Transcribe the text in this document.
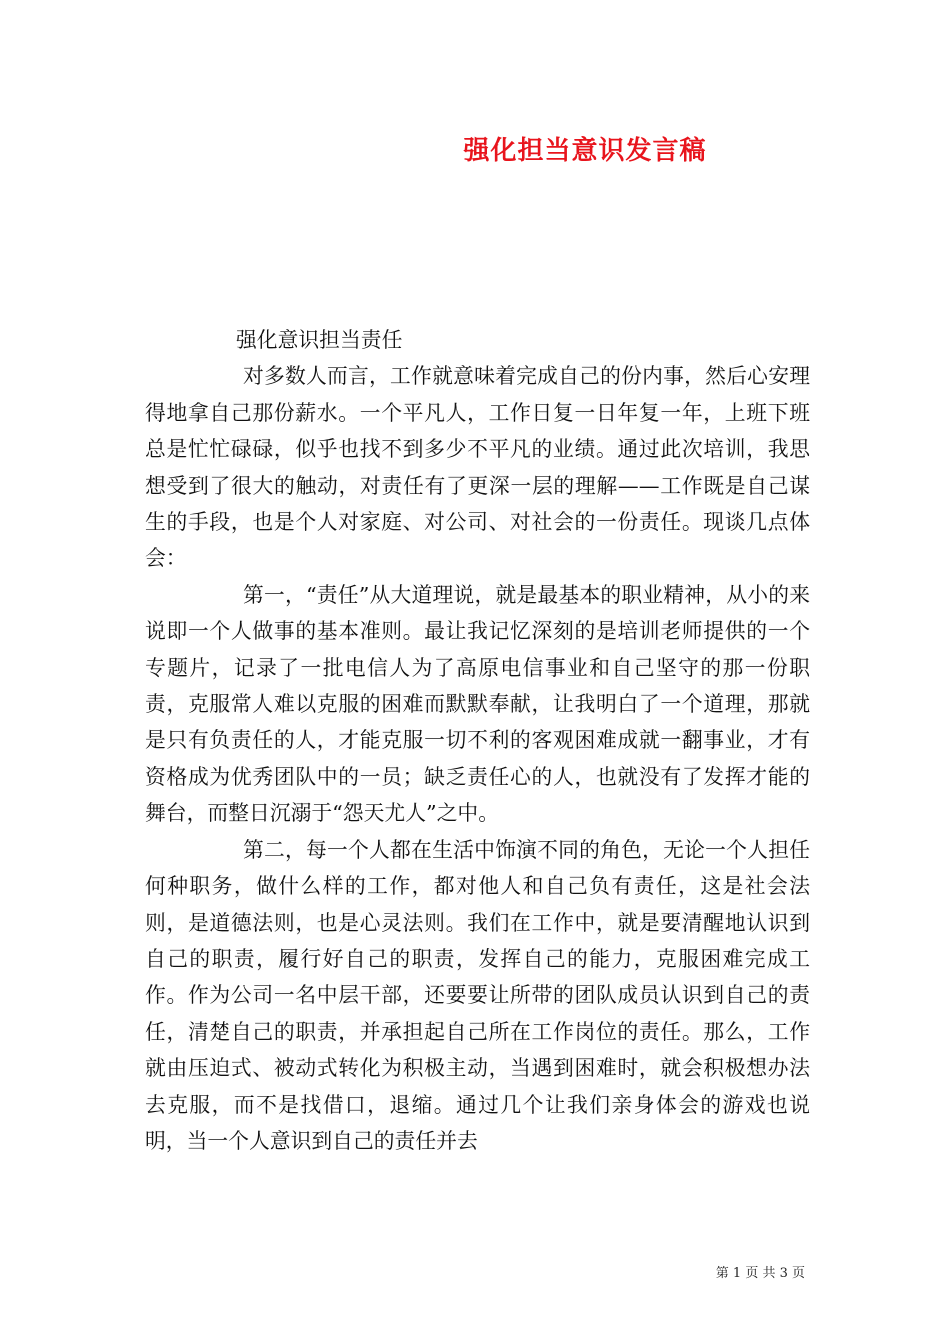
强化担当意识发言稿

强化意识担当责任

对多数人而言，工作就意味着完成自己的份内事，然后心安理得地拿自己那份薪水。一个平凡人，工作日复一日年复一年，上班下班总是忙忙碌碌，似乎也找不到多少不平凡的业绩。通过此次培训，我思想受到了很大的触动，对责任有了更深一层的理解——工作既是自己谋生的手段，也是个人对家庭、对公司、对社会的一份责任。现谈几点体会：

第一，“责任”从大道理说，就是最基本的职业精神，从小的来说即一个人做事的基本准则。最让我记忆深刻的是培训老师提供的一个专题片，记录了一批电信人为了高原电信事业和自己坚守的那一份职责，克服常人难以克服的困难而默默奉献，让我明白了一个道理，那就是只有负责任的人，才能克服一切不利的客观困难成就一翻事业，才有资格成为优秀团队中的一员；缺乏责任心的人，也就没有了发挥才能的舞台，而整日沉溺于“怨天尤人”之中。

第二，每一个人都在生活中饰演不同的角色，无论一个人担任何种职务，做什么样的工作，都对他人和自己负有责任，这是社会法则，是道德法则，也是心灵法则。我们在工作中，就是要清醒地认识到自己的职责，履行好自己的职责，发挥自己的能力，克服困难完成工作。作为公司一名中层干部，还要要让所带的团队成员认识到自己的责任，清楚自己的职责，并承担起自己所在工作岗位的责任。那么，工作就由压迫式、被动式转化为积极主动，当遇到困难时，就会积极想办法去克服，而不是找借口，退缩。通过几个让我们亲身体会的游戏也说明，当一个人意识到自己的责任并去

第 1 页 共 3 页
